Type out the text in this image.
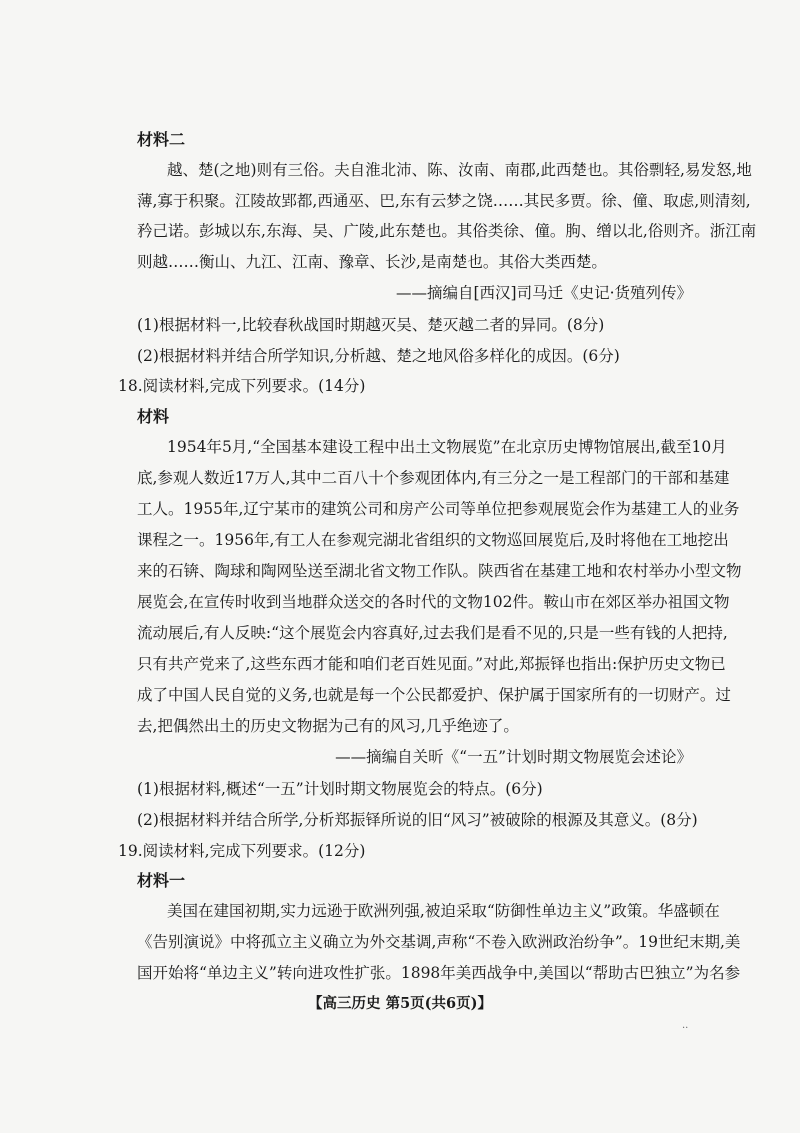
材料二
越、楚(之地)则有三俗。夫自淮北沛、陈、汝南、南郡,此西楚也。其俗剽轻,易发怒,地
薄,寡于积聚。江陵故郢都,西通巫、巴,东有云梦之饶……其民多贾。徐、僮、取虑,则清刻,
矜己诺。彭城以东,东海、吴、广陵,此东楚也。其俗类徐、僮。朐、缯以北,俗则齐。浙江南
则越……衡山、九江、江南、豫章、长沙,是南楚也。其俗大类西楚。
——摘编自[西汉]司马迁《史记·货殖列传》
(1)根据材料一,比较春秋战国时期越灭吴、楚灭越二者的异同。(8分)
(2)根据材料并结合所学知识,分析越、楚之地风俗多样化的成因。(6分)
18.阅读材料,完成下列要求。(14分)
材料
1954年5月,“全国基本建设工程中出土文物展览”在北京历史博物馆展出,截至10月
底,参观人数近17万人,其中二百八十个参观团体内,有三分之一是工程部门的干部和基建
工人。1955年,辽宁某市的建筑公司和房产公司等单位把参观展览会作为基建工人的业务
课程之一。1956年,有工人在参观完湖北省组织的文物巡回展览后,及时将他在工地挖出
来的石锛、陶球和陶网坠送至湖北省文物工作队。陕西省在基建工地和农村举办小型文物
展览会,在宣传时收到当地群众送交的各时代的文物102件。鞍山市在郊区举办祖国文物
流动展后,有人反映:“这个展览会内容真好,过去我们是看不见的,只是一些有钱的人把持,
只有共产党来了,这些东西才能和咱们老百姓见面。”对此,郑振铎也指出:保护历史文物已
成了中国人民自觉的义务,也就是每一个公民都爱护、保护属于国家所有的一切财产。过
去,把偶然出土的历史文物据为己有的风习,几乎绝迹了。
——摘编自关昕《“一五”计划时期文物展览会述论》
(1)根据材料,概述“一五”计划时期文物展览会的特点。(6分)
(2)根据材料并结合所学,分析郑振铎所说的旧“风习”被破除的根源及其意义。(8分)
19.阅读材料,完成下列要求。(12分)
材料一
美国在建国初期,实力远逊于欧洲列强,被迫采取“防御性单边主义”政策。华盛顿在
《告别演说》中将孤立主义确立为外交基调,声称“不卷入欧洲政治纷争”。19世纪末期,美
国开始将“单边主义”转向进攻性扩张。1898年美西战争中,美国以“帮助古巴独立”为名参
【高三历史 第5页(共6页)】
..
